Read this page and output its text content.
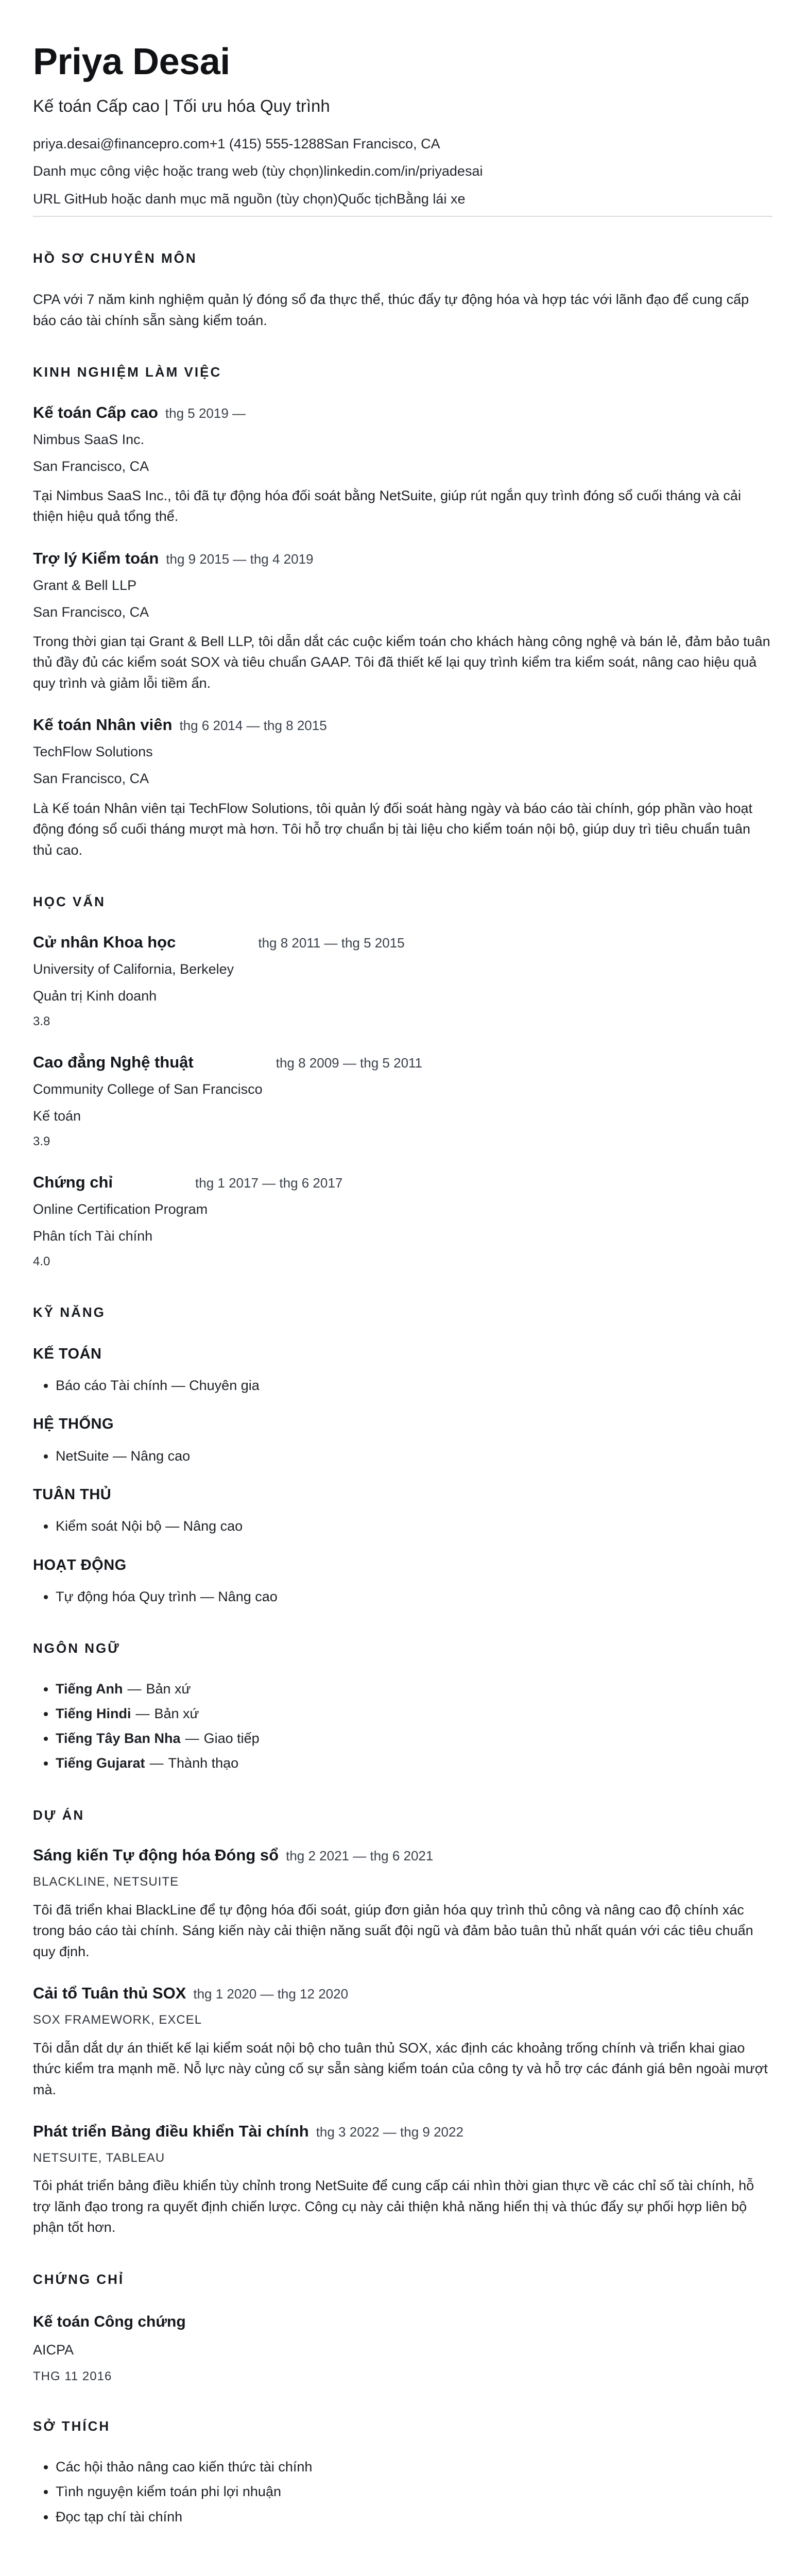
Priya Desai
Kế toán Cấp cao | Tối ưu hóa Quy trình
priya.desai@financepro.com+1 (415) 555-1288San Francisco, CA
Danh mục công việc hoặc trang web (tùy chọn)linkedin.com/in/priyadesai
URL GitHub hoặc danh mục mã nguồn (tùy chọn)Quốc tịchBằng lái xe
HỒ SƠ CHUYÊN MÔN

CPA với 7 năm kinh nghiệm quản lý đóng sổ đa thực thể, thúc đẩy tự động hóa và hợp tác với lãnh đạo để cung cấp báo cáo tài chính sẵn sàng kiểm toán.

KINH NGHIỆM LÀM VIỆC
Kế toán Cấp cao thg 5 2019 —
Nimbus SaaS Inc.
San Francisco, CA

Tại Nimbus SaaS Inc., tôi đã tự động hóa đối soát bằng NetSuite, giúp rút ngắn quy trình đóng sổ cuối tháng và cải thiện hiệu quả tổng thể.

Trợ lý Kiểm toán thg 9 2015 — thg 4 2019
Grant & Bell LLP
San Francisco, CA

Trong thời gian tại Grant & Bell LLP, tôi dẫn dắt các cuộc kiểm toán cho khách hàng công nghệ và bán lẻ, đảm bảo tuân thủ đầy đủ các kiểm soát SOX và tiêu chuẩn GAAP. Tôi đã thiết kế lại quy trình kiểm tra kiểm soát, nâng cao hiệu quả quy trình và giảm lỗi tiềm ẩn.

Kế toán Nhân viên thg 6 2014 — thg 8 2015
TechFlow Solutions
San Francisco, CA

Là Kế toán Nhân viên tại TechFlow Solutions, tôi quản lý đối soát hàng ngày và báo cáo tài chính, góp phần vào hoạt động đóng sổ cuối tháng mượt mà hơn. Tôi hỗ trợ chuẩn bị tài liệu cho kiểm toán nội bộ, giúp duy trì tiêu chuẩn tuân thủ cao.

HỌC VẤN
Cử nhân Khoa học	thg 8 2011 — thg 5 2015
University of California, Berkeley
Quản trị Kinh doanh
3.8
Cao đẳng Nghệ thuật	thg 8 2009 — thg 5 2011
Community College of San Francisco
Kế toán
3.9
Chứng chỉ	thg 1 2017 — thg 6 2017
Online Certification Program
Phân tích Tài chính
4.0
KỸ NĂNG
KẾ TOÁN
• Báo cáo Tài chính — Chuyên gia
HỆ THỐNG
• NetSuite — Nâng cao
TUÂN THỦ
• Kiểm soát Nội bộ — Nâng cao
HOẠT ĐỘNG
• Tự động hóa Quy trình — Nâng cao
NGÔN NGỮ
• Tiếng Anh — Bản xứ
• Tiếng Hindi — Bản xứ
• Tiếng Tây Ban Nha — Giao tiếp
• Tiếng Gujarat — Thành thạo
DỰ ÁN
Sáng kiến Tự động hóa Đóng sổ thg 2 2021 — thg 6 2021
BLACKLINE, NETSUITE

Tôi đã triển khai BlackLine để tự động hóa đối soát, giúp đơn giản hóa quy trình thủ công và nâng cao độ chính xác trong báo cáo tài chính. Sáng kiến này cải thiện năng suất đội ngũ và đảm bảo tuân thủ nhất quán với các tiêu chuẩn quy định.

Cải tổ Tuân thủ SOX thg 1 2020 — thg 12 2020
SOX FRAMEWORK, EXCEL

Tôi dẫn dắt dự án thiết kế lại kiểm soát nội bộ cho tuân thủ SOX, xác định các khoảng trống chính và triển khai giao thức kiểm tra mạnh mẽ. Nỗ lực này củng cố sự sẵn sàng kiểm toán của công ty và hỗ trợ các đánh giá bên ngoài mượt mà.

Phát triển Bảng điều khiển Tài chính thg 3 2022 — thg 9 2022
NETSUITE, TABLEAU

Tôi phát triển bảng điều khiển tùy chỉnh trong NetSuite để cung cấp cái nhìn thời gian thực về các chỉ số tài chính, hỗ trợ lãnh đạo trong ra quyết định chiến lược. Công cụ này cải thiện khả năng hiển thị và thúc đẩy sự phối hợp liên bộ phận tốt hơn.

CHỨNG CHỈ
Kế toán Công chứng
AICPA
THG 11 2016
SỞ THÍCH
• Các hội thảo nâng cao kiến thức tài chính
• Tình nguyện kiểm toán phi lợi nhuận
• Đọc tạp chí tài chính
